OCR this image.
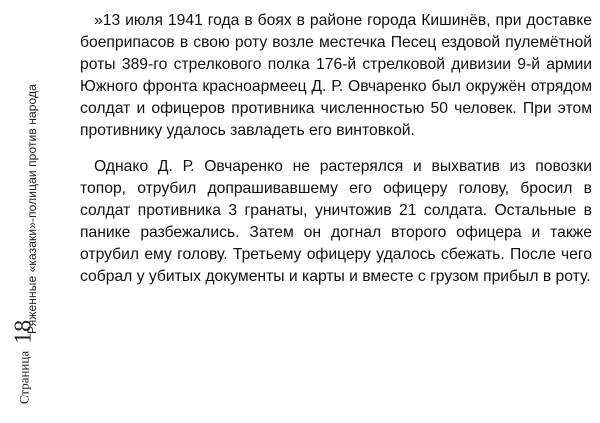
Ряженные «казаки»-полицаи против народа
Страница 18

»13 июля 1941 года в боях в районе города Кишинёв, при доставке боеприпасов в свою роту возле местечка Песец ездовой пулемётной роты 389-го стрелкового полка 176-й стрелковой дивизии 9-й армии Южного фронта красноармеец Д. Р. Овчаренко был окружён отрядом солдат и офицеров противника численностью 50 человек. При этом противнику удалось завладеть его винтовкой.

Однако Д. Р. Овчаренко не растерялся и выхватив из повозки топор, отрубил допрашивавшему его офицеру голову, бросил в солдат противника 3 гранаты, уничтожив 21 солдата. Остальные в панике разбежались. Затем он догнал второго офицера и также отрубил ему голову. Третьему офицеру удалось сбежать. После чего собрал у убитых документы и карты и вместе с грузом прибыл в роту.
